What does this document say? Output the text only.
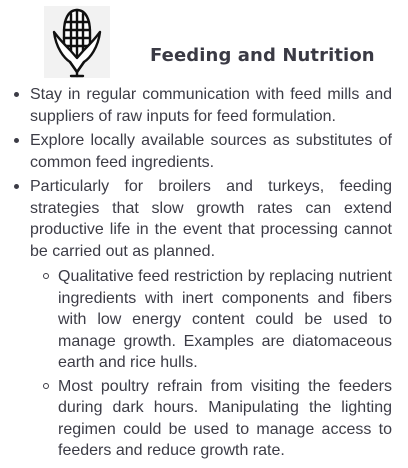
Feeding and Nutrition
Stay in regular communication with feed mills and suppliers of raw inputs for feed formulation.
Explore locally available sources as substitutes of common feed ingredients.
Particularly for broilers and turkeys, feeding strategies that slow growth rates can extend productive life in the event that processing cannot be carried out as planned.
Qualitative feed restriction by replacing nutrient ingredients with inert components and fibers with low energy content could be used to manage growth. Examples are diatomaceous earth and rice hulls.
Most poultry refrain from visiting the feeders during dark hours. Manipulating the lighting regimen could be used to manage access to feeders and reduce growth rate.
